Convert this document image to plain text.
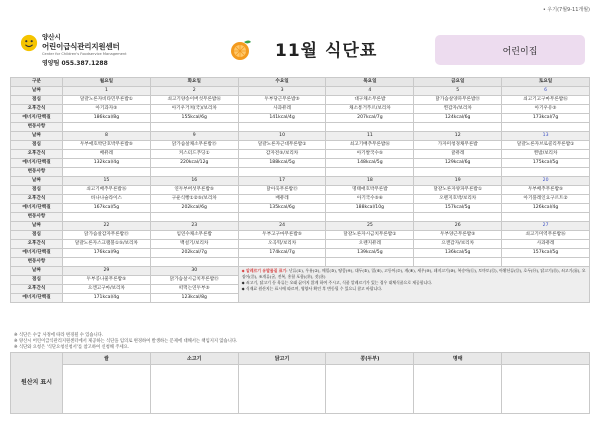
• 우기(7월9-11개월)
양산시
어린이급식관리지원센터
Center for Children's Foodservice Management
영양팀 055.387.1288
11월 식단표	어린이집
구분	월요일	화요일	수요일	목요일	금요일	토요일
날짜	1	2	3	4	5	6
점심	달걀노른자비타민무른밥①	쇠고기양송이버섯무른밥⑯	두부당근무른밥⑤	대구채소무른밥	닭가슴살양파무른밥⑮	쇠고기고구마무른밥⑯
오후간식	아기과자⑤	아기우거쳐(국)/보리차	사과퓨레	채소통거푸르/보리차	찐감자/보리차	아기우유⑤
에너지/단백질	186kcal/8g	155kcal/6g	141kcal/4g	207kcal/7g	124kcal/6g	173kcal/7g
변동사항						
날짜	8	9	10	11	12	13
점심	두부애호박단호박무른밥⑤	닭가슴살채소무른밥⑮	달걀노른자근대무른밥①	쇠고기배추무른밥⑯	가자미청경채무른밥	달걀노른자브로콜리무른밥①
오후간식	배퓨레	커스터드푸딩①	감자전⑤/보리차	아기쌀국수⑤	귤퓨레	찐밤/보리차
에너지/단백질	132kcal/4g	220kcal/12g	188kcal/5g	148kcal/5g	129kcal/6g	175kcal/5g
변동사항						
날짜	15	16	17	18	19	20
점심	쇠고기배추무른밥⑯	연두부버섯무른밥⑤	닭아욱무른밥⑮	명태애호박무른밥	달걀노른자양파무른밥①	두부배추무른밥⑤
오후간식	바나나슬라이스	구운식빵①②⑤/보리차	배퓨레	아기국수⑤⑥	오렌지호박/보리차	아기플레인요구르트②
에너지/단백질	167kcal/5g	202kcal/6g	135kcal/6g	188kcal/10g	157kcal/5g	126kcal/4g
변동사항						
날짜	22	23	24	25	26	27
점심	닭가슴살감자무른밥⑮	임연수채소무른밥	두부고구마무른밥⑤	달걀노른자시금치무른밥①	두부양근무른밥⑤	쇠고기미역무른밥⑯
오후간식	달걀노른자스크램블①⑤/보리차	백설기/보리차	오곡떡/보리차	오렌지퓨레	으깬감자/보리차	사과퓨레
에너지/단백질	176kcal/9g	202kcal/7g	174kcal/7g	139kcal/5g	136kcal/5g	157kcal/5g
변동사항						
날짜	29	30	◆ 알레르기 유발물질 표기: 난류(①), 우유(②), 메밀(③), 땅콩(④), 대두(⑤), 밀(⑥), 고등어(⑦), 게(⑧), 새우(⑨), 돼지고기(⑩), 복숭아(⑪), 토마토(⑫), 아황산류(⑬), 호두(⑭), 닭고기(⑮), 쇠고기(⑯), 오징어(⑰), 조개류(굴, 전복, 홍합 포함)(⑱), 잣(⑲)
◆ 쇠고기, 닭고기 등 육류는 오래 끓이지 않게 하여 주시고, 식품 알레르기가 있는 경우 대체식품으로 제공합니다.
◆ 식재료 원산지는 표시에 따르며, 영양사 확인 후 변동될 수 있으니 참고 바랍니다.			

점심	두부콩나물무른밥⑤	닭가슴살시금치무른밥⑮				
오후간식	으깬고구마/보리차	떠먹는연두부⑤				
에너지/단백질	171kcal/4g	123kcal/8g				
※ 식단은 수급 사정에 따라 변경될 수 있습니다.
※ 양산시 어린이급식관리지원센터에서 제공하는 식단을 임의로 변경하여 발생하는 문제에 대해서는 책임지지 않습니다.
※ 식단와 요청은 '식단요청신청서'를 참고하여 신청해 주세요.
원산지 표시	쌀	소고기	닭고기	콩(두부)	명태	
